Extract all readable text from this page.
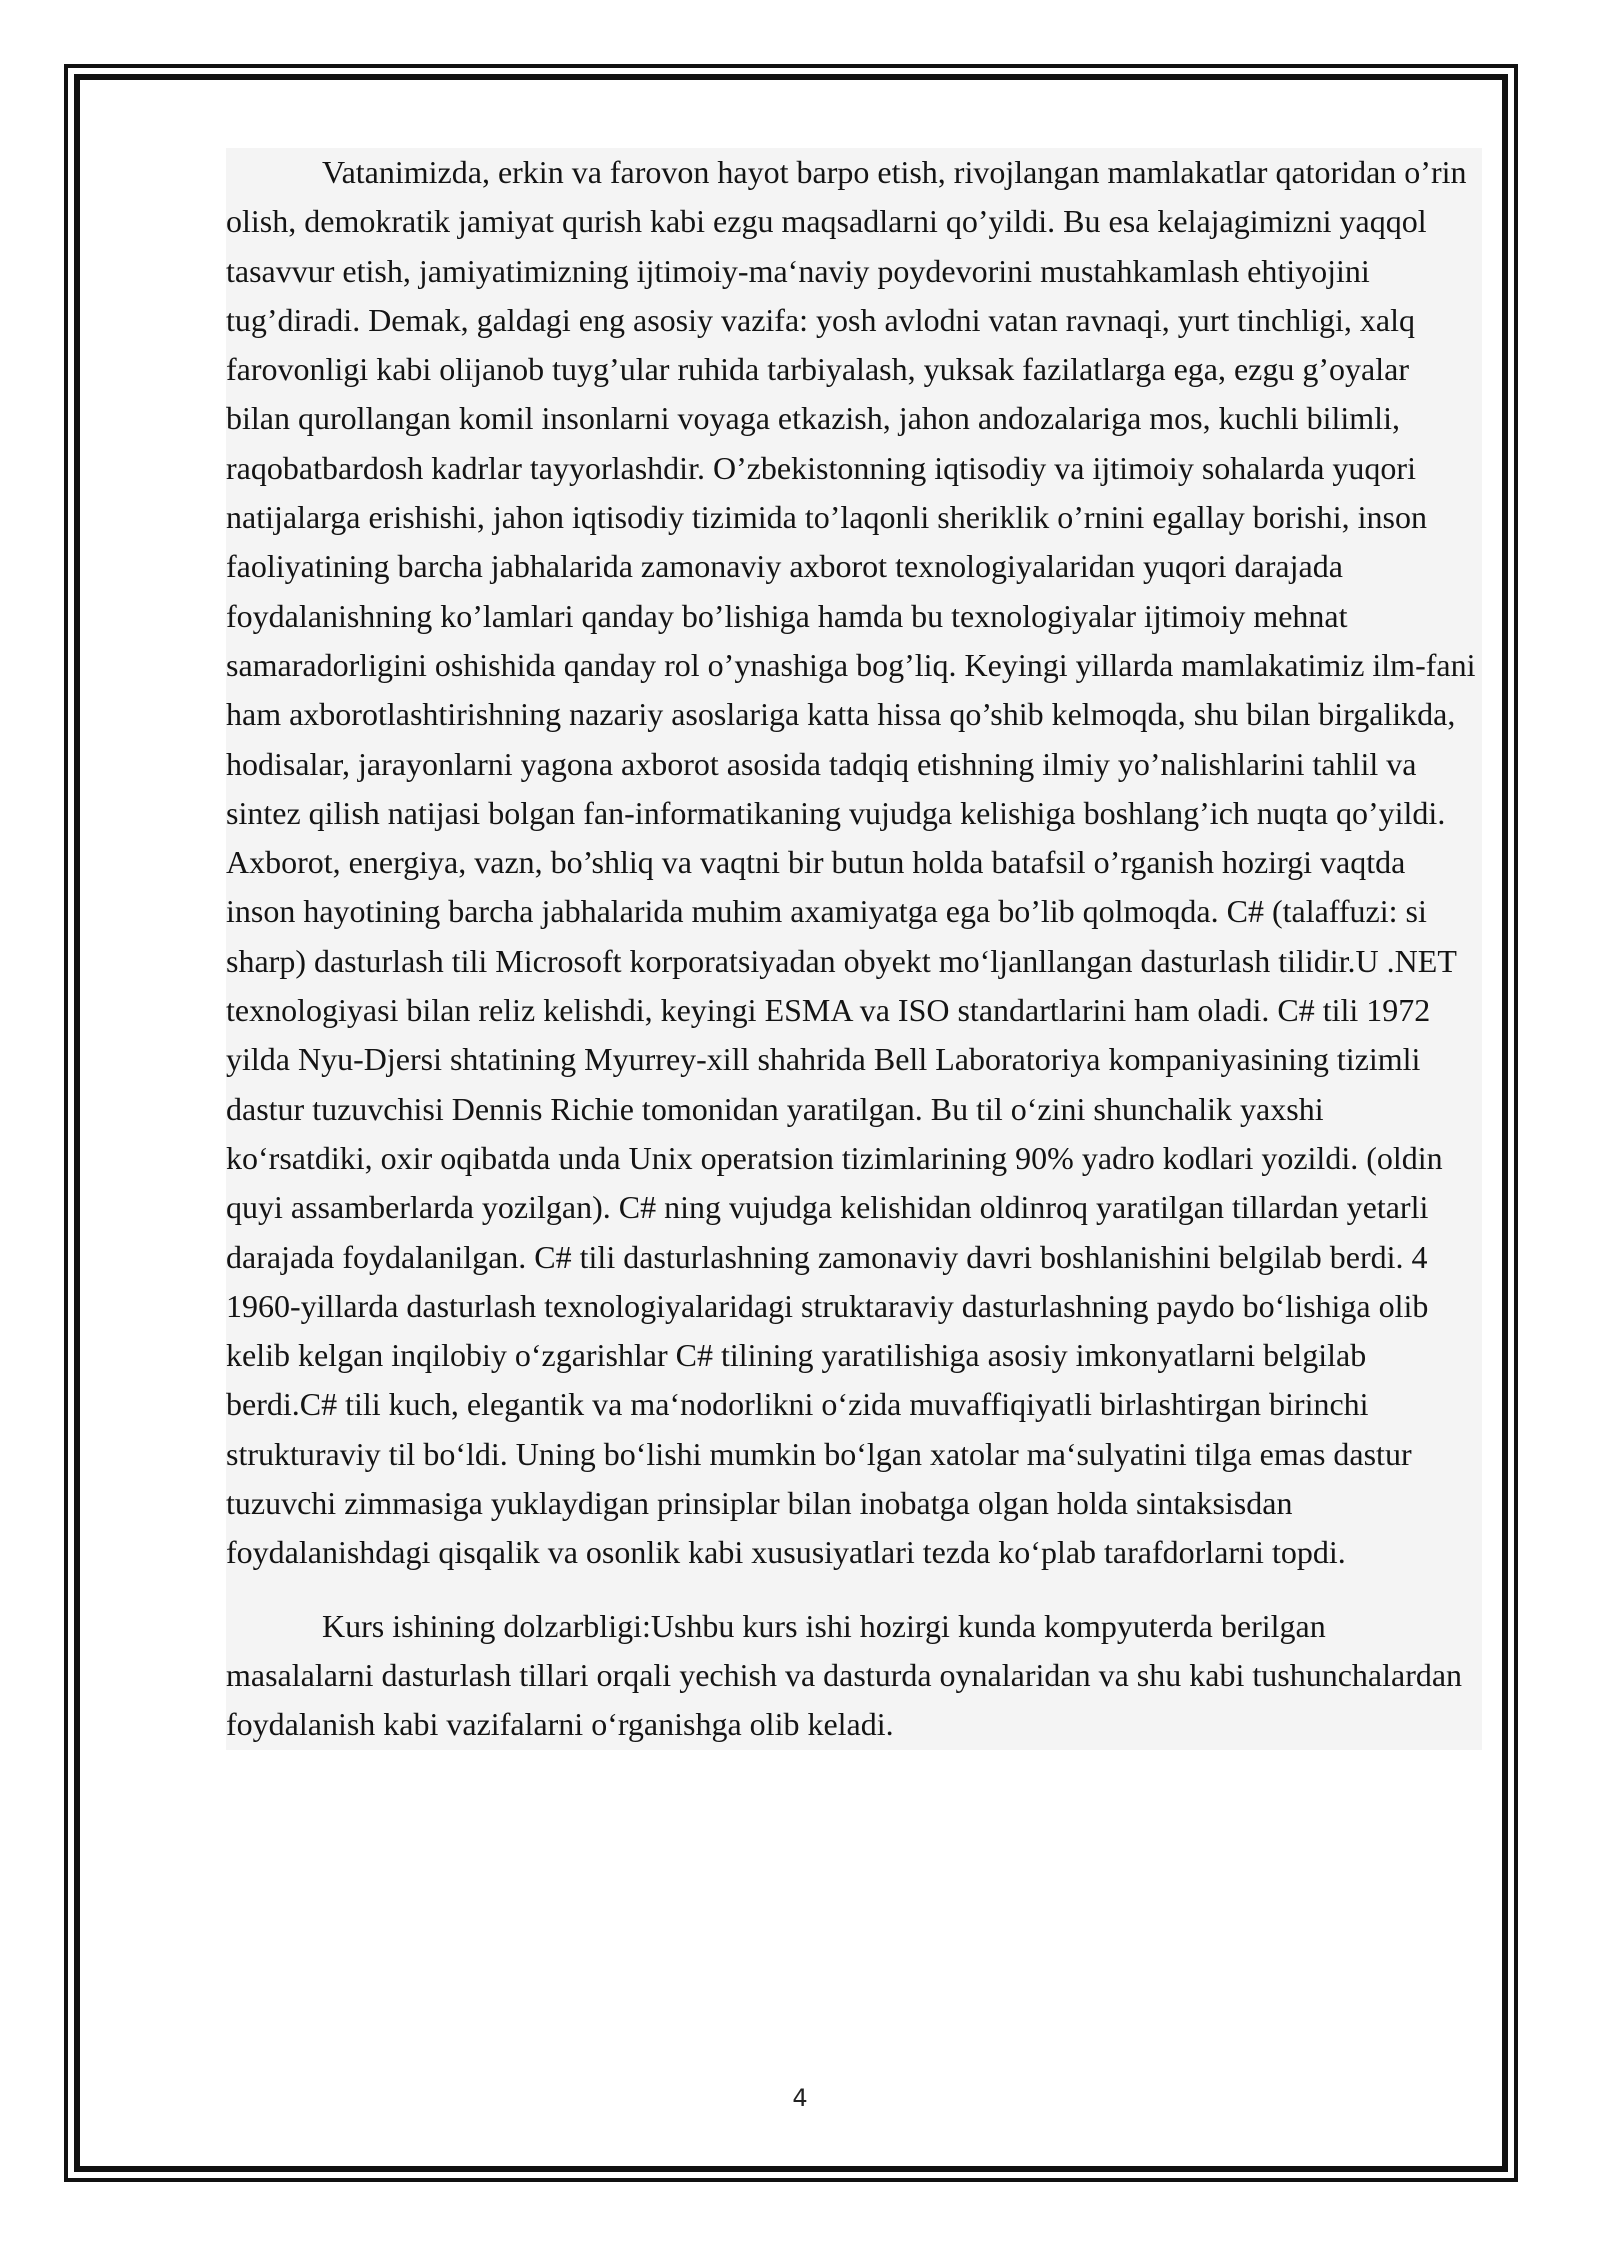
Vatanimizda, erkin va farovon hayot barpo etish, rivojlangan mamlakatlar qatoridan o’rin olish, demokratik jamiyat qurish kabi ezgu maqsadlarni qo’yildi. Bu esa kelajagimizni yaqqol tasavvur etish, jamiyatimizning ijtimoiy-ma‘naviy poydevorini mustahkamlash ehtiyojini tug’diradi. Demak, galdagi eng asosiy vazifa: yosh avlodni vatan ravnaqi, yurt tinchligi, xalq farovonligi kabi olijanob tuyg’ular ruhida tarbiyalash, yuksak fazilatlarga ega, ezgu g’oyalar bilan qurollangan komil insonlarni voyaga etkazish, jahon andozalariga mos, kuchli bilimli, raqobatbardosh kadrlar tayyorlashdir. O’zbekistonning iqtisodiy va ijtimoiy sohalarda yuqori natijalarga erishishi, jahon iqtisodiy tizimida to’laqonli sheriklik o’rnini egallay borishi, inson faoliyatining barcha jabhalarida zamonaviy axborot texnologiyalaridan yuqori darajada foydalanishning ko’lamlari qanday bo’lishiga hamda bu texnologiyalar ijtimoiy mehnat samaradorligini oshishida qanday rol o’ynashiga bog’liq. Keyingi yillarda mamlakatimiz ilm-fani ham axborotlashtirishning nazariy asoslariga katta hissa qo’shib kelmoqda, shu bilan birgalikda, hodisalar, jarayonlarni yagona axborot asosida tadqiq etishning ilmiy yo’nalishlarini tahlil va sintez qilish natijasi bolgan fan-informatikaning vujudga kelishiga boshlang’ich nuqta qo’yildi. Axborot, energiya, vazn, bo’shliq va vaqtni bir butun holda batafsil o’rganish hozirgi vaqtda inson hayotining barcha jabhalarida muhim axamiyatga ega bo’lib qolmoqda. C# (talaffuzi: si sharp) dasturlash tili Microsoft korporatsiyadan obyekt mo‘ljanllangan dasturlash tilidir.U .NET texnologiyasi bilan reliz kelishdi, keyingi ESMA va ISO standartlarini ham oladi. C# tili 1972 yilda Nyu-Djersi shtatining Myurrey-xill shahrida Bell Laboratoriya kompaniyasining tizimli dastur tuzuvchisi Dennis Richie tomonidan yaratilgan. Bu til o‘zini shunchalik yaxshi ko‘rsatdiki, oxir oqibatda unda Unix operatsion tizimlarining 90% yadro kodlari yozildi. (oldin quyi assamberlarda yozilgan). C# ning vujudga kelishidan oldinroq yaratilgan tillardan yetarli darajada foydalanilgan. C# tili dasturlashning zamonaviy davri boshlanishini belgilab berdi. 4 1960-yillarda dasturlash texnologiyalaridagi struktaraviy dasturlashning paydo bo‘lishiga olib kelib kelgan inqilobiy o‘zgarishlar C# tilining yaratilishiga asosiy imkonyatlarni belgilab berdi.C# tili kuch, elegantik va ma‘nodorlikni o‘zida muvaffiqiyatli birlashtirgan birinchi strukturaviy til bo‘ldi. Uning bo‘lishi mumkin bo‘lgan xatolar ma‘sulyatini tilga emas dastur tuzuvchi zimmasiga yuklaydigan prinsiplar bilan inobatga olgan holda sintaksisdan foydalanishdagi qisqalik va osonlik kabi xususiyatlari tezda ko‘plab tarafdorlarni topdi.

Kurs ishining dolzarbligi:Ushbu kurs ishi hozirgi kunda kompyuterda berilgan masalalarni dasturlash tillari orqali yechish va dasturda oynalaridan va shu kabi tushunchalardan foydalanish kabi vazifalarni o‘rganishga olib keladi.

4
